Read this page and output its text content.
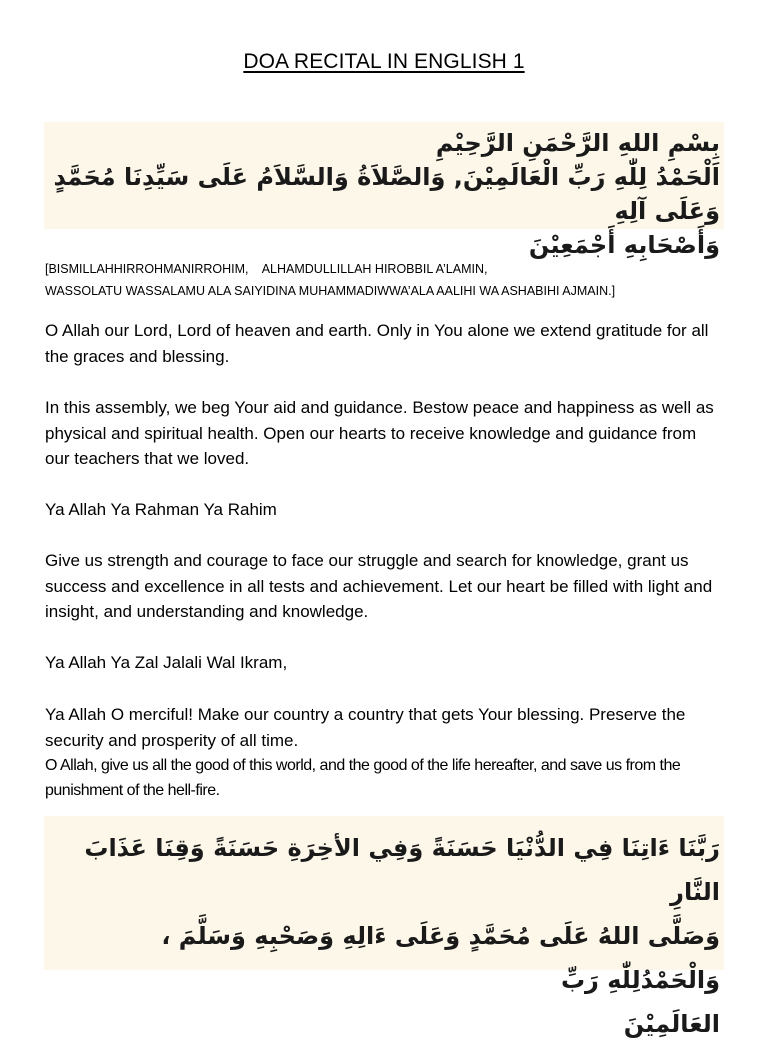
DOA RECITAL IN ENGLISH 1
بِسْمِ اللهِ الرَّحْمَنِ الرَّحِيْمِ
اَلْحَمْدُ لِلّٰهِ رَبِّ الْعَالَمِيْنَ, وَالصَّلاَةُ وَالسَّلاَمُ عَلَى سَيِّدِنَا مُحَمَّدٍ وَعَلَى آلِهِ
وَأَصْحَابِهِ أَجْمَعِيْنَ
[BISMILLAHHIRROHMANIRROHIM,    ALHAMDULLILLAH HIROBBIL A’LAMIN,
WASSOLATU WASSALAMU ALA SAIYIDINA MUHAMMADIWWA’ALA AALIHI WA ASHABIHI AJMAIN.]
O Allah our Lord, Lord of heaven and earth. Only in You alone we extend gratitude for all the graces and blessing.
In this assembly, we beg Your aid and guidance. Bestow peace and happiness as well as physical and spiritual health. Open our hearts to receive knowledge and guidance from our teachers that we loved.
Ya Allah Ya Rahman Ya Rahim
Give us strength and courage to face our struggle and search for knowledge, grant us success and excellence in all tests and achievement. Let our heart be filled with light and insight, and understanding and knowledge.
Ya Allah Ya Zal Jalali Wal Ikram,
Ya Allah O merciful! Make our country a country that gets Your blessing. Preserve the security and prosperity of all time.
O Allah, give us all the good of this world, and the good of the life hereafter, and save us from the punishment of the hell-fire.
رَبَّنَا ءَاتِنَا فِي الدُّنْيَا حَسَنَةً وَفِي الأخِرَةِ حَسَنَةً وَقِنَا عَذَابَ النَّارِ
وَصَلَّى اللهُ عَلَى مُحَمَّدٍ وَعَلَى ءَالِهِ وَصَحْبِهِ وَسَلَّمَ ، وَالْحَمْدُلِلّٰهِ رَبِّ
العَالَمِيْنَ
